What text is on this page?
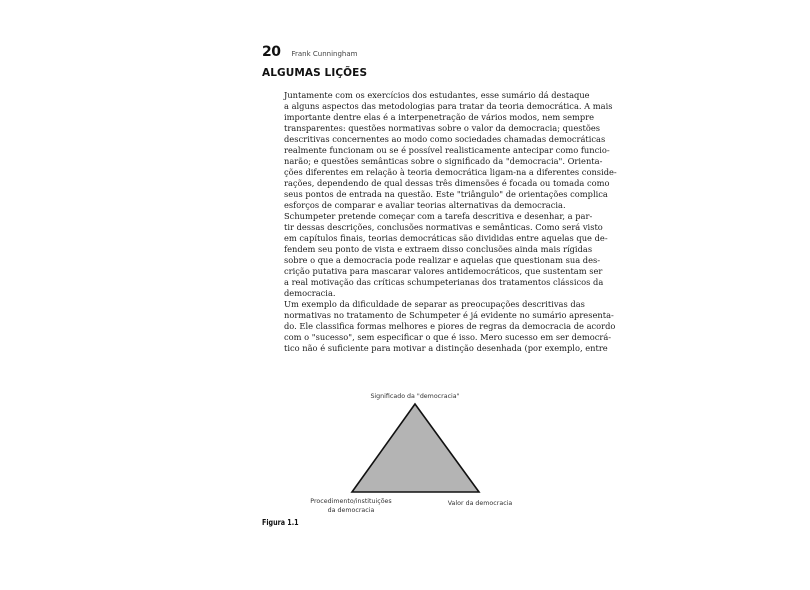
20 Frank Cunningham
ALGUMAS LIÇÕES

Juntamente com os exercícios dos estudantes, esse sumário dá destaque
a alguns aspectos das metodologias para tratar da teoria democrática. A mais
importante dentre elas é a interpenetração de vários modos, nem sempre
transparentes: questões normativas sobre o valor da democracia; questões
descritivas concernentes ao modo como sociedades chamadas democráticas
realmente funcionam ou se é possível realisticamente antecipar como funcio-
narão; e questões semânticas sobre o significado da "democracia". Orienta-
ções diferentes em relação à teoria democrática ligam-na a diferentes conside-
rações, dependendo de qual dessas três dimensões é focada ou tomada como
seus pontos de entrada na questão. Este "triângulo" de orientações complica
esforços de comparar e avaliar teorias alternativas da democracia.

Schumpeter pretende começar com a tarefa descritiva e desenhar, a par-
tir dessas descrições, conclusões normativas e semânticas. Como será visto
em capítulos finais, teorias democráticas são divididas entre aquelas que de-
fendem seu ponto de vista e extraem disso conclusões ainda mais rígidas
sobre o que a democracia pode realizar e aquelas que questionam sua des-
crição putativa para mascarar valores antidemocráticos, que sustentam ser
a real motivação das críticas schumpeterianas dos tratamentos clássicos da
democracia.

Um exemplo da dificuldade de separar as preocupações descritivas das
normativas no tratamento de Schumpeter é já evidente no sumário apresenta-
do. Ele classifica formas melhores e piores de regras da democracia de acordo
com o "sucesso", sem especificar o que é isso. Mero sucesso em ser democrá-
tico não é suficiente para motivar a distinção desenhada (por exemplo, entre

Significado da "democracia"
Procedimento/instituições
da democracia
Valor da democracia
Figura 1.1
